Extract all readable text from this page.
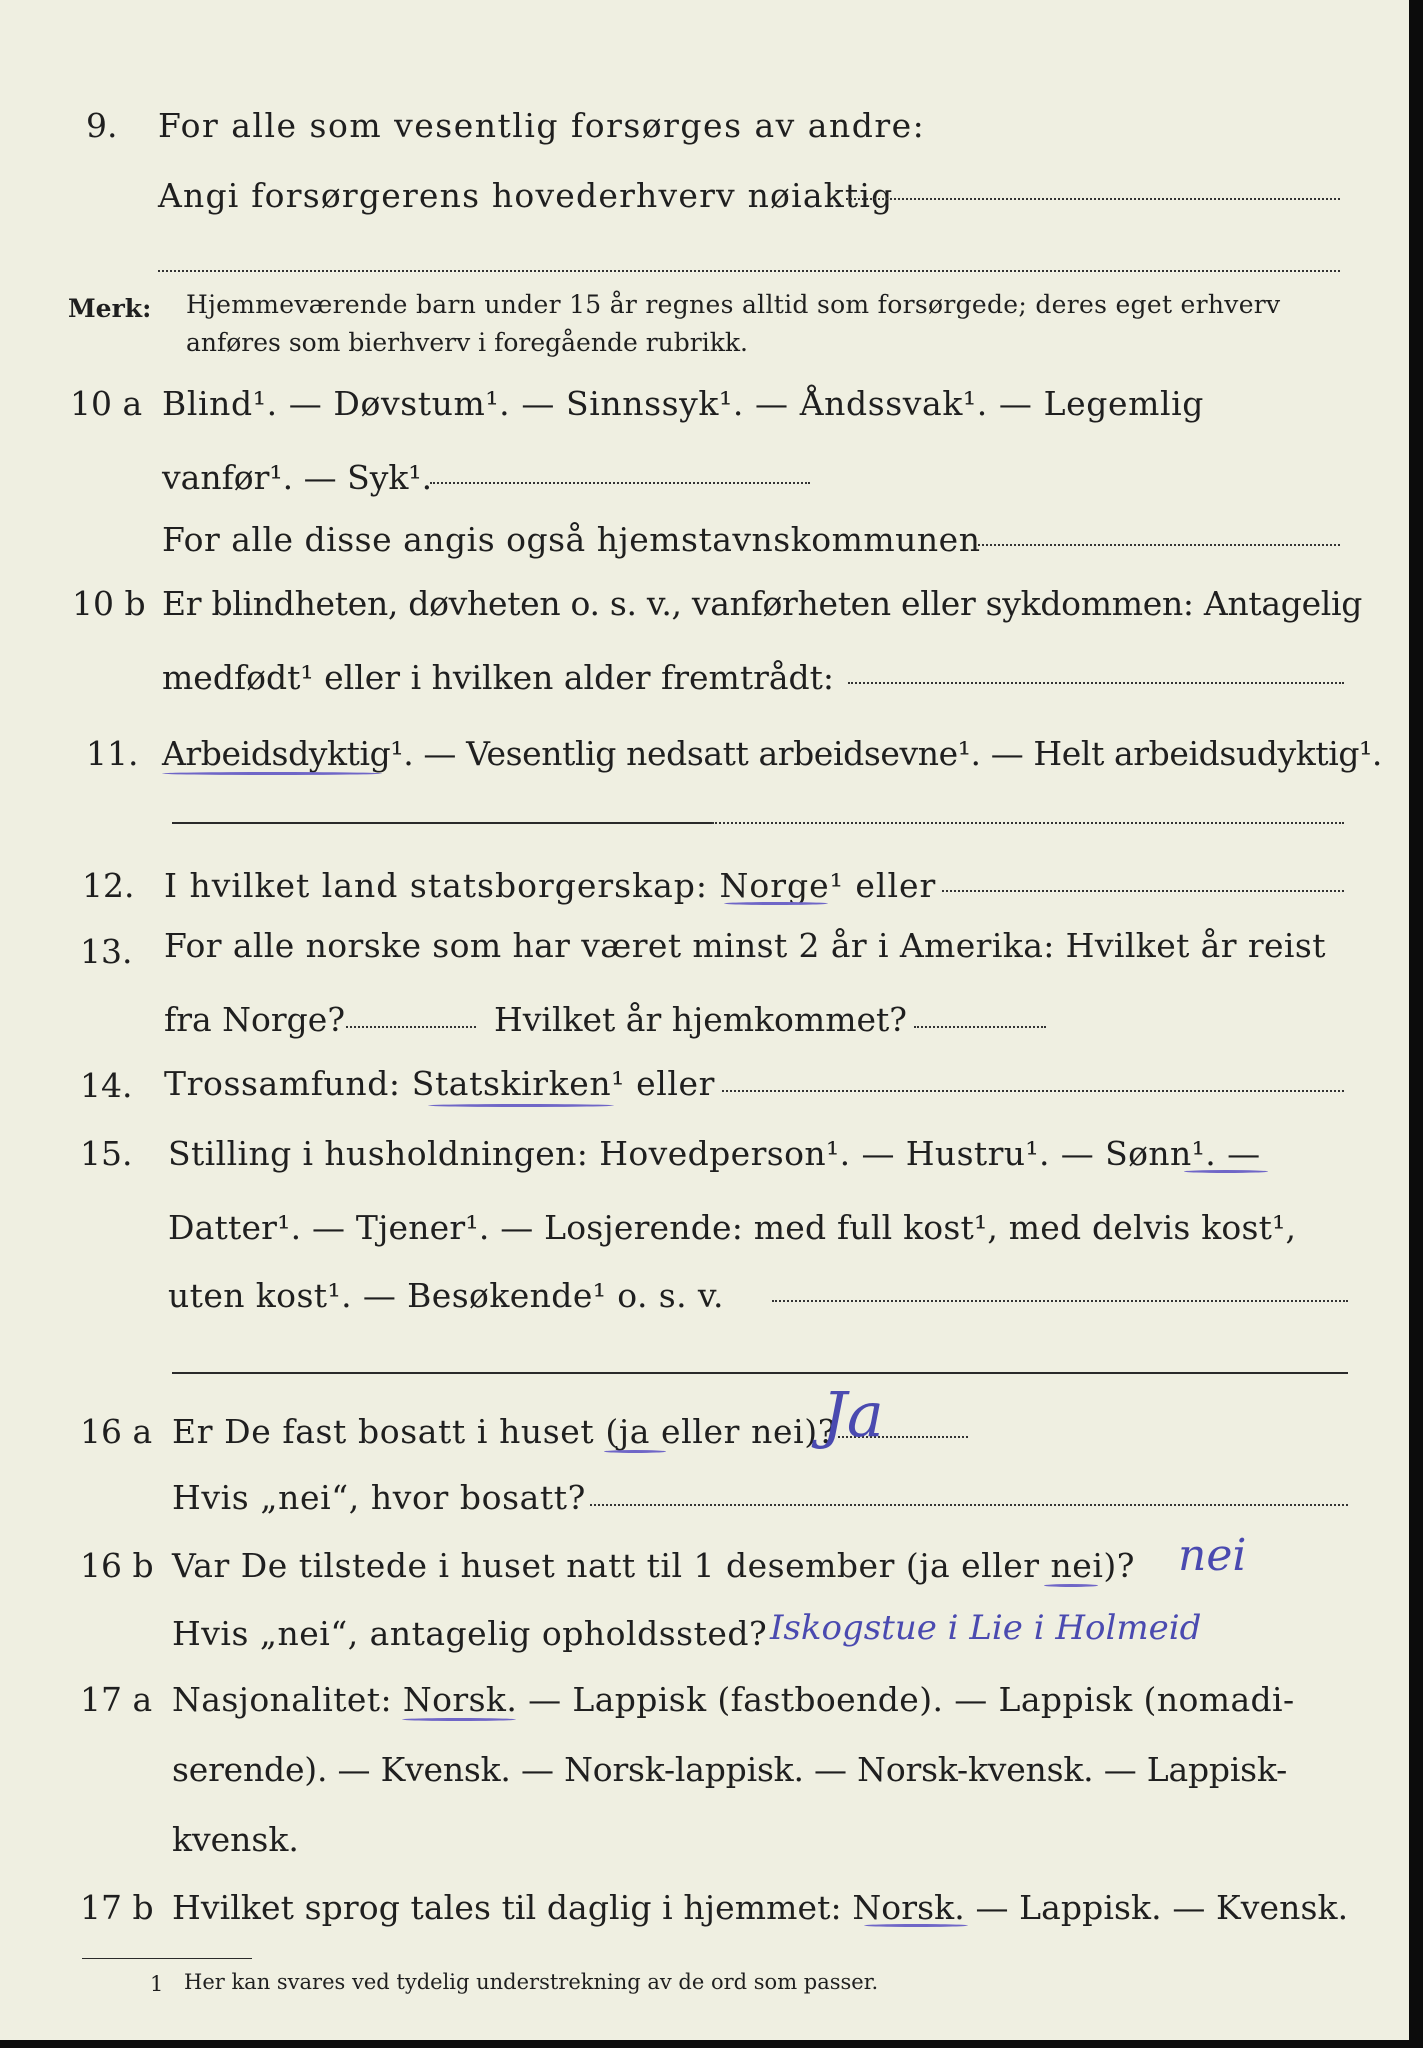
9. For alle som vesentlig forsørges av andre:
Angi forsørgerens hovederhverv nøiaktig
Merk: Hjemmeværende barn under 15 år regnes alltid som forsørgede; deres eget erhverv
anføres som bierhverv i foregående rubrikk.
10 a Blind¹. — Døvstum¹. — Sinnssyk¹. — Åndssvak¹. — Legemlig
vanfør¹. — Syk¹.
For alle disse angis også hjemstavnskommunen
10 b Er blindheten, døvheten o. s. v., vanførheten eller sykdommen: Antagelig
medfødt¹ eller i hvilken alder fremtrådt:
11. Arbeidsdyktig¹. — Vesentlig nedsatt arbeidsevne¹. — Helt arbeidsudyktig¹.
12. I hvilket land statsborgerskap: Norge¹ eller
13. For alle norske som har været minst 2 år i Amerika: Hvilket år reist
fra Norge?	Hvilket år hjemkommet?
14. Trossamfund: Statskirken¹ eller
15. Stilling i husholdningen: Hovedperson¹. — Hustru¹. — Sønn¹. —
Datter¹. — Tjener¹. — Losjerende: med full kost¹, med delvis kost¹,
uten kost¹. — Besøkende¹ o. s. v.
16 a Er De fast bosatt i huset (ja eller nei)?
Ja
Hvis „nei“, hvor bosatt?
16 b Var De tilstede i huset natt til 1 desember (ja eller nei)? nei
Hvis „nei“, antagelig opholdssted? Iskogstue i Lie i Holmeid
17 a Nasjonalitet: Norsk. — Lappisk (fastboende). — Lappisk (nomadi-
serende). — Kvensk. — Norsk-lappisk. — Norsk-kvensk. — Lappisk-
kvensk.
17 b Hvilket sprog tales til daglig i hjemmet: Norsk. — Lappisk. — Kvensk.
1 Her kan svares ved tydelig understrekning av de ord som passer.
